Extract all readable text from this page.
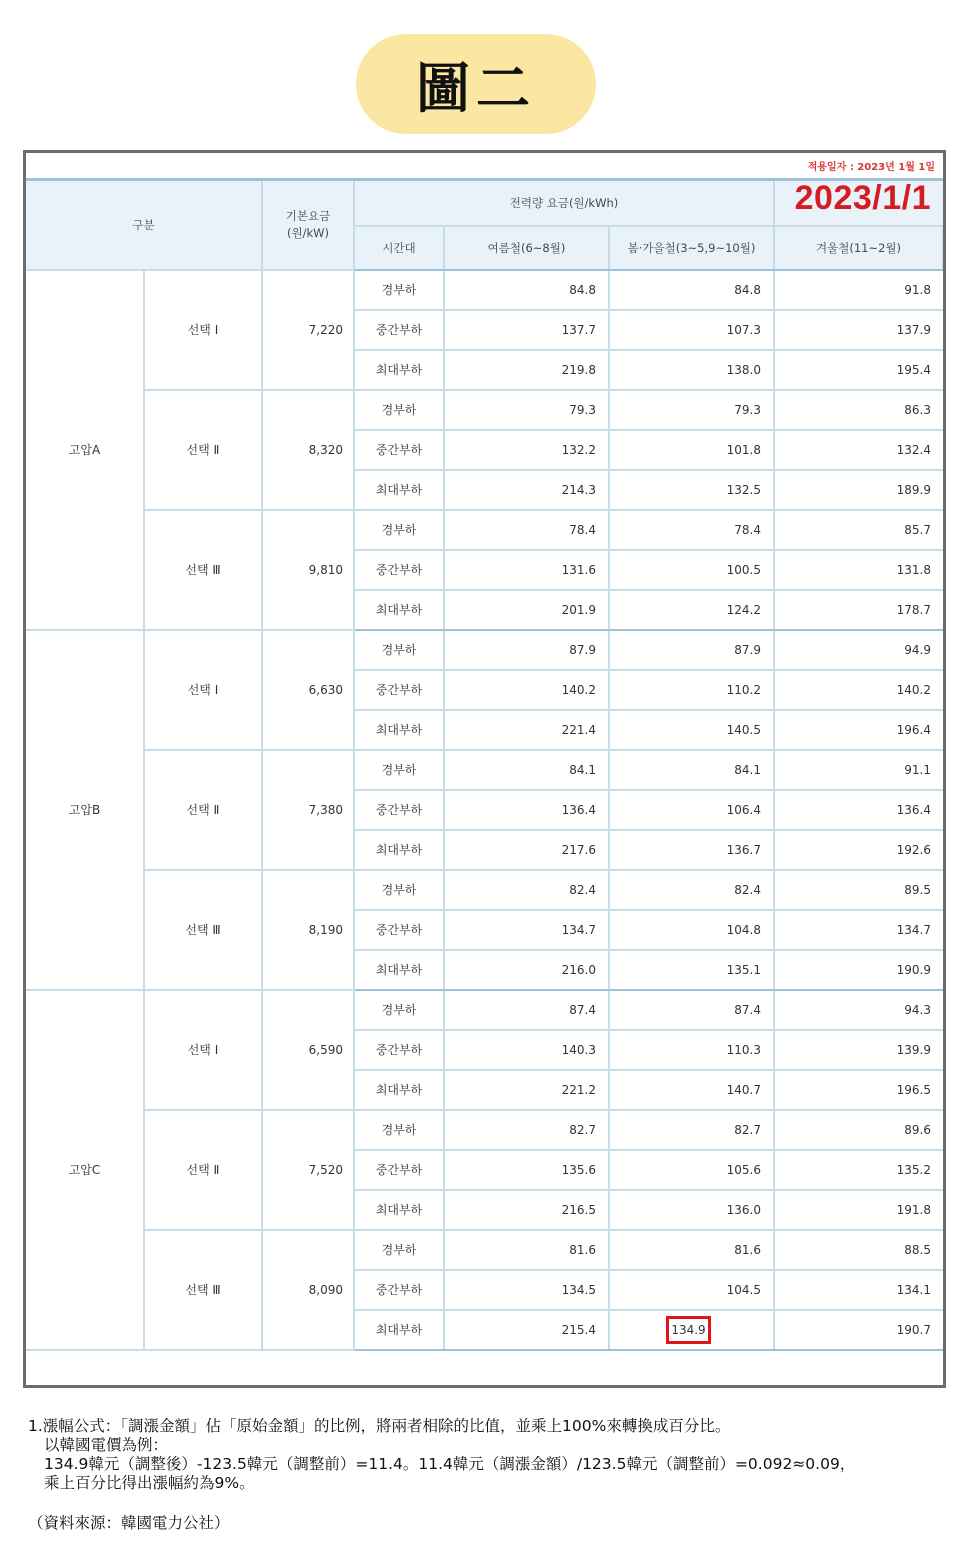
圖二
적용일자 : 2023년 1월 1일
구분		기본요금
(원/kW)	전력량 요금(원/kWh)			
			시간대	여름철(6~8월)	봄·가을철(3~5,9~10월)	겨울철(11~2월)
고압A	선택 Ⅰ	7,220	경부하	84.8	84.8	91.8
			중간부하	137.7	107.3	137.9
			최대부하	219.8	138.0	195.4
	선택 Ⅱ	8,320	경부하	79.3	79.3	86.3
			중간부하	132.2	101.8	132.4
			최대부하	214.3	132.5	189.9
	선택 Ⅲ	9,810	경부하	78.4	78.4	85.7
			중간부하	131.6	100.5	131.8
			최대부하	201.9	124.2	178.7
고압B	선택 Ⅰ	6,630	경부하	87.9	87.9	94.9
			중간부하	140.2	110.2	140.2
			최대부하	221.4	140.5	196.4
	선택 Ⅱ	7,380	경부하	84.1	84.1	91.1
			중간부하	136.4	106.4	136.4
			최대부하	217.6	136.7	192.6
	선택 Ⅲ	8,190	경부하	82.4	82.4	89.5
			중간부하	134.7	104.8	134.7
			최대부하	216.0	135.1	190.9
고압C	선택 Ⅰ	6,590	경부하	87.4	87.4	94.3
			중간부하	140.3	110.3	139.9
			최대부하	221.2	140.7	196.5
	선택 Ⅱ	7,520	경부하	82.7	82.7	89.6
			중간부하	135.6	105.6	135.2
			최대부하	216.5	136.0	191.8
	선택 Ⅲ	8,090	경부하	81.6	81.6	88.5
			중간부하	134.5	104.5	134.1
			최대부하	215.4	134.9	190.7
2023/1/1
1.漲幅公式：「調漲金額」佔「原始金額」的比例，將兩者相除的比值，並乘上100%來轉換成百分比。
以韓國電價為例：
134.9韓元（調整後）-123.5韓元（調整前）=11.4。11.4韓元（調漲金額）/123.5韓元（調整前）=0.092≈0.09，
乘上百分比得出漲幅約為9%。
（資料來源：韓國電力公社）
